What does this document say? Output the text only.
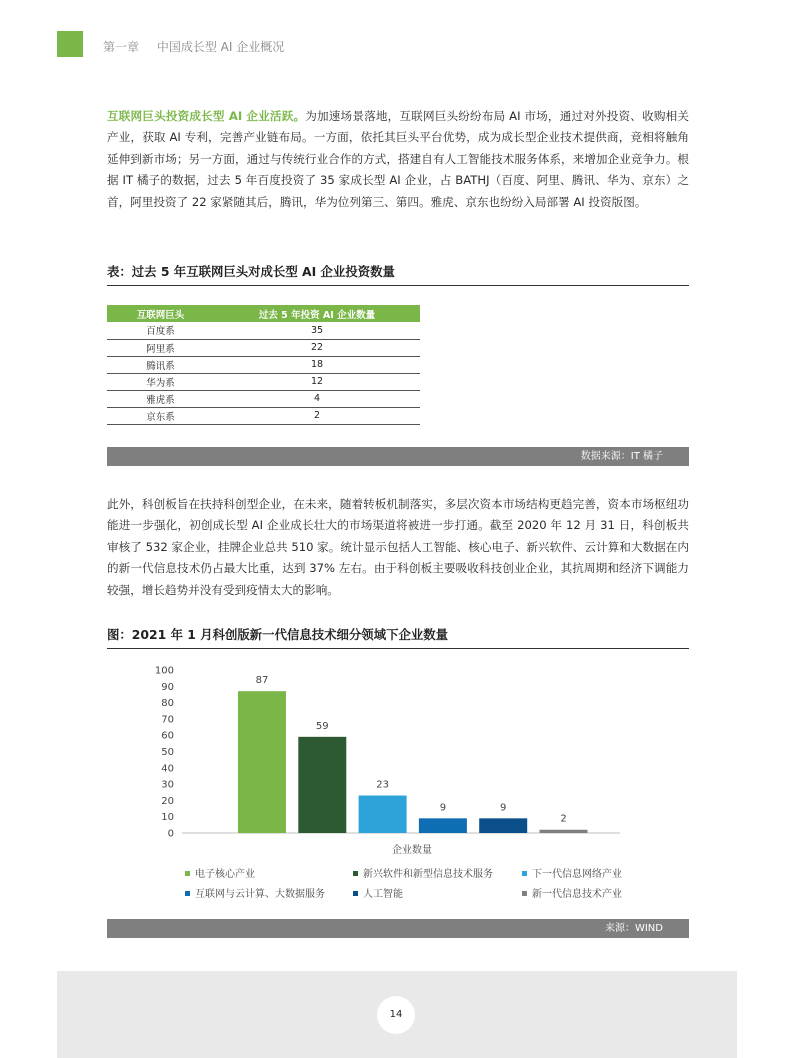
第一章 中国成长型 AI 企业概况
互联网巨头投资成长型 AI 企业活跃。为加速场景落地，互联网巨头纷纷布局 AI 市场，通过对外投资、收购相关产业，获取 AI 专利，完善产业链布局。一方面，依托其巨头平台优势，成为成长型企业技术提供商，竞相将触角延伸到新市场；另一方面，通过与传统行业合作的方式，搭建自有人工智能技术服务体系，来增加企业竞争力。根据 IT 橘子的数据，过去 5 年百度投资了 35 家成长型 AI 企业，占 BATHJ（百度、阿里、腾讯、华为、京东）之首，阿里投资了 22 家紧随其后，腾讯，华为位列第三、第四。雅虎、京东也纷纷入局部署 AI 投资版图。
表：过去 5 年互联网巨头对成长型 AI 企业投资数量
互联网巨头	过去 5 年投资 AI 企业数量
百度系	35
阿里系	22
腾讯系	18
华为系	12
雅虎系	4
京东系	2
数据来源：IT 橘子
此外，科创板旨在扶持科创型企业，在未来，随着转板机制落实，多层次资本市场结构更趋完善，资本市场枢纽功能进一步强化，初创成长型 AI 企业成长壮大的市场渠道将被进一步打通。截至 2020 年 12 月 31 日，科创板共审核了 532 家企业，挂牌企业总共 510 家。统计显示包括人工智能、核心电子、新兴软件、云计算和大数据在内的新一代信息技术仍占最大比重，达到 37% 左右。由于科创板主要吸收科技创业企业，其抗周期和经济下调能力较强，增长趋势并没有受到疫情太大的影响。
图：2021 年 1 月科创版新一代信息技术细分领域下企业数量
0
10
20
30
40
50
60
70
80
90
100
87
59
23
9	9
2
企业数量
电子核心产业	新兴软件和新型信息技术服务	下一代信息网络产业
互联网与云计算、大数据服务	人工智能	新一代信息技术产业
来源：WIND
14
